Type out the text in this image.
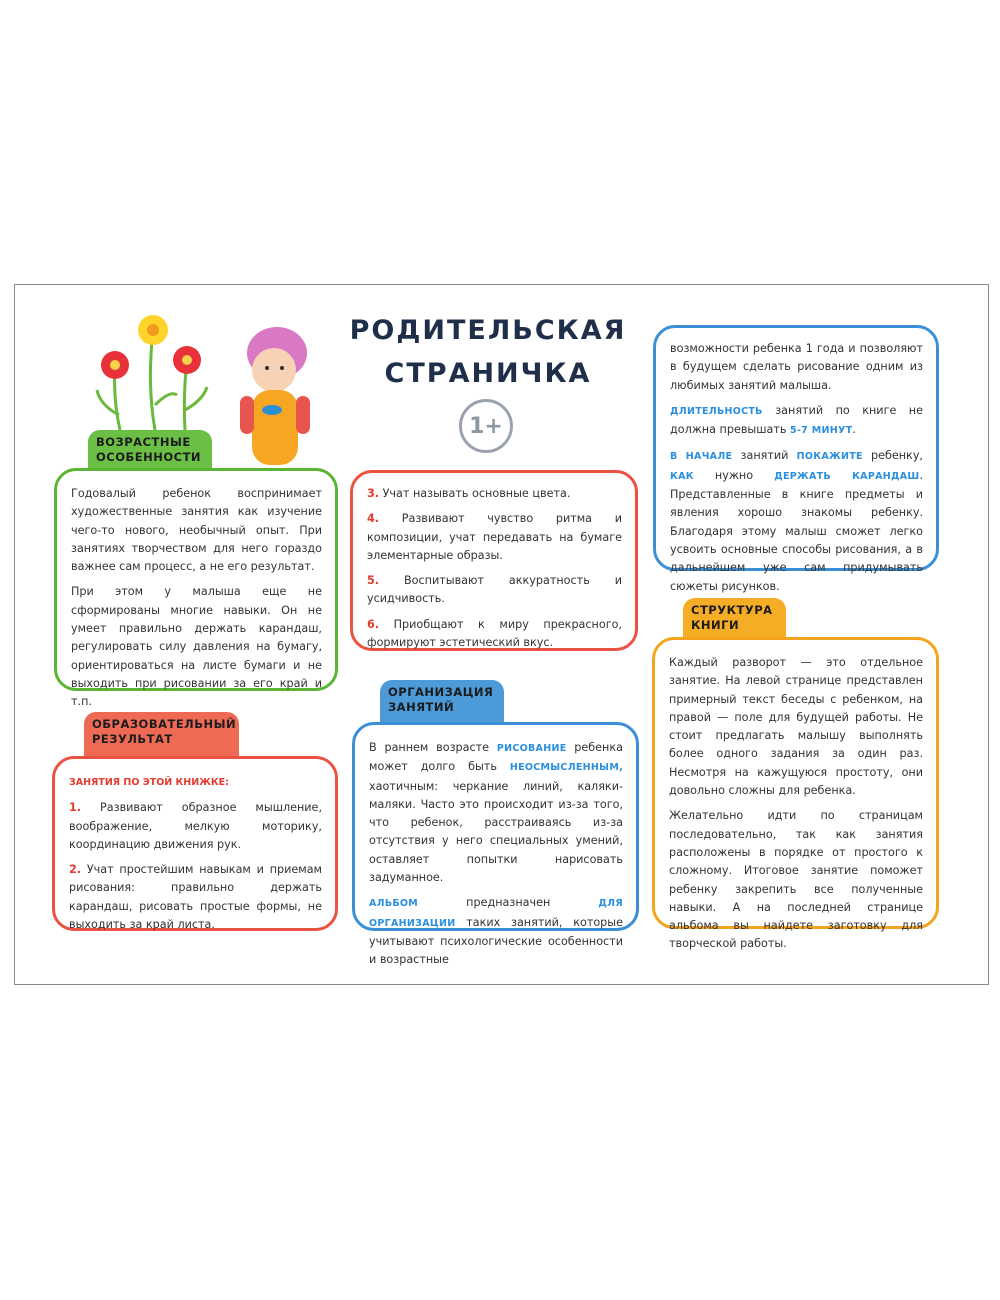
РОДИТЕЛЬСКАЯ
СТРАНИЧКА
1+
ВОЗРАСТНЫЕ ОСОБЕННОСТИ

Годовалый ребенок воспринимает художественные занятия как изучение чего-то нового, необычный опыт. При занятиях творчеством для него гораздо важнее сам процесс, а не его результат.

При этом у малыша еще не сформированы многие навыки. Он не умеет правильно держать карандаш, регулировать силу давления на бумагу, ориентироваться на листе бумаги и не выходить при рисовании за его край и т.п.

ОБРАЗОВАТЕЛЬНЫЙ РЕЗУЛЬТАТ

ЗАНЯТИЯ ПО ЭТОЙ КНИЖКЕ:

1. Развивают образное мышление, воображение, мелкую моторику, координацию движения рук.

2. Учат простейшим навыкам и приемам рисования: правильно держать карандаш, рисовать простые формы, не выходить за край листа.

3. Учат называть основные цвета.

4. Развивают чувство ритма и композиции, учат передавать на бумаге элементарные образы.

5. Воспитывают аккуратность и усидчивость.

6. Приобщают к миру прекрасного, формируют эстетический вкус.

ОРГАНИЗАЦИЯ ЗАНЯТИЙ

В раннем возрасте РИСОВАНИЕ ребенка может долго быть НЕОСМЫСЛЕННЫМ, хаотичным: черкание линий, каляки-маляки. Часто это происходит из-за того, что ребенок, расстраиваясь из-за отсутствия у него специальных умений, оставляет попытки нарисовать задуманное.

АЛЬБОМ предназначен ДЛЯ ОРГАНИЗАЦИИ таких занятий, которые учитывают психологические особенности и возрастные

возможности ребенка 1 года и позволяют в будущем сделать рисование одним из любимых занятий малыша.

ДЛИТЕЛЬНОСТЬ занятий по книге не должна превышать 5-7 МИНУТ.

В НАЧАЛЕ занятий ПОКАЖИТЕ ребенку, КАК нужно ДЕРЖАТЬ КАРАНДАШ. Представленные в книге предметы и явления хорошо знакомы ребенку. Благодаря этому малыш сможет легко усвоить основные способы рисования, а в дальнейшем уже сам придумывать сюжеты рисунков.

СТРУКТУРА КНИГИ

Каждый разворот — это отдельное занятие. На левой странице представлен примерный текст беседы с ребенком, на правой — поле для будущей работы. Не стоит предлагать малышу выполнять более одного задания за один раз. Несмотря на кажущуюся простоту, они довольно сложны для ребенка.

Желательно идти по страницам последовательно, так как занятия расположены в порядке от простого к сложному. Итоговое занятие поможет ребенку закрепить все полученные навыки. А на последней странице альбома вы найдете заготовку для творческой работы.
